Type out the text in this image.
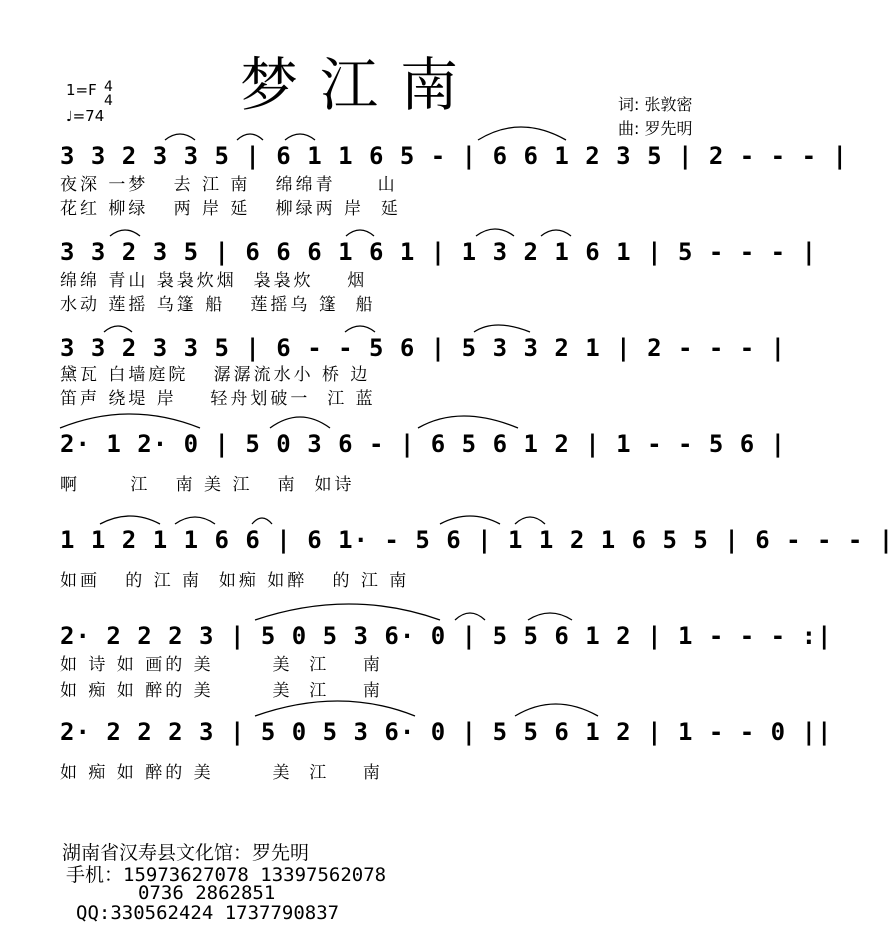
梦江南	词: 张敦密
曲: 罗先明
1=F 4
4
♩=74
3 3 2 3 3 5 | 6 1 1 6 5 - | 6 6 1 2 3 5 | 2 - - - |
夜深 一梦   去 江 南   绵绵青     山
花红 柳绿   两 岸 延   柳绿两 岸  延
3 3 2 3 5 | 6 6 6 1 6 1 | 1 3 2 1 6 1 | 5 - - - |
绵绵 青山 袅袅炊烟  袅袅炊    烟
水动 莲摇 乌篷 船   莲摇乌 篷  船
3 3 2 3 3 5 | 6 - - 5 6 | 5 3 3 2 1 | 2 - - - |
黛瓦 白墙庭院   潺潺流水小 桥 边
笛声 绕堤 岸    轻舟划破一  江 蓝
2· 1 2· 0 | 5 0 3 6 - | 6 5 6 1 2 | 1 - - 5 6 |
啊      江   南 美 江   南  如诗
1 1 2 1 1 6 6 | 6 1· - 5 6 | 1 1 2 1 6 5 5 | 6 - - - |
如画   的 江 南  如痴 如醉   的 江 南
2· 2 2 2 3 | 5 0 5 3 6· 0 | 5 5 6 1 2 | 1 - - - :|
如 诗 如 画的 美       美  江    南
如 痴 如 醉的 美       美  江    南
2· 2 2 2 3 | 5 0 5 3 6· 0 | 5 5 6 1 2 | 1 - - 0 ||
如 痴 如 醉的 美       美  江    南
湖南省汉寿县文化馆：罗先明
手机：15973627078 13397562078
0736 2862851
QQ:330562424 1737790837
